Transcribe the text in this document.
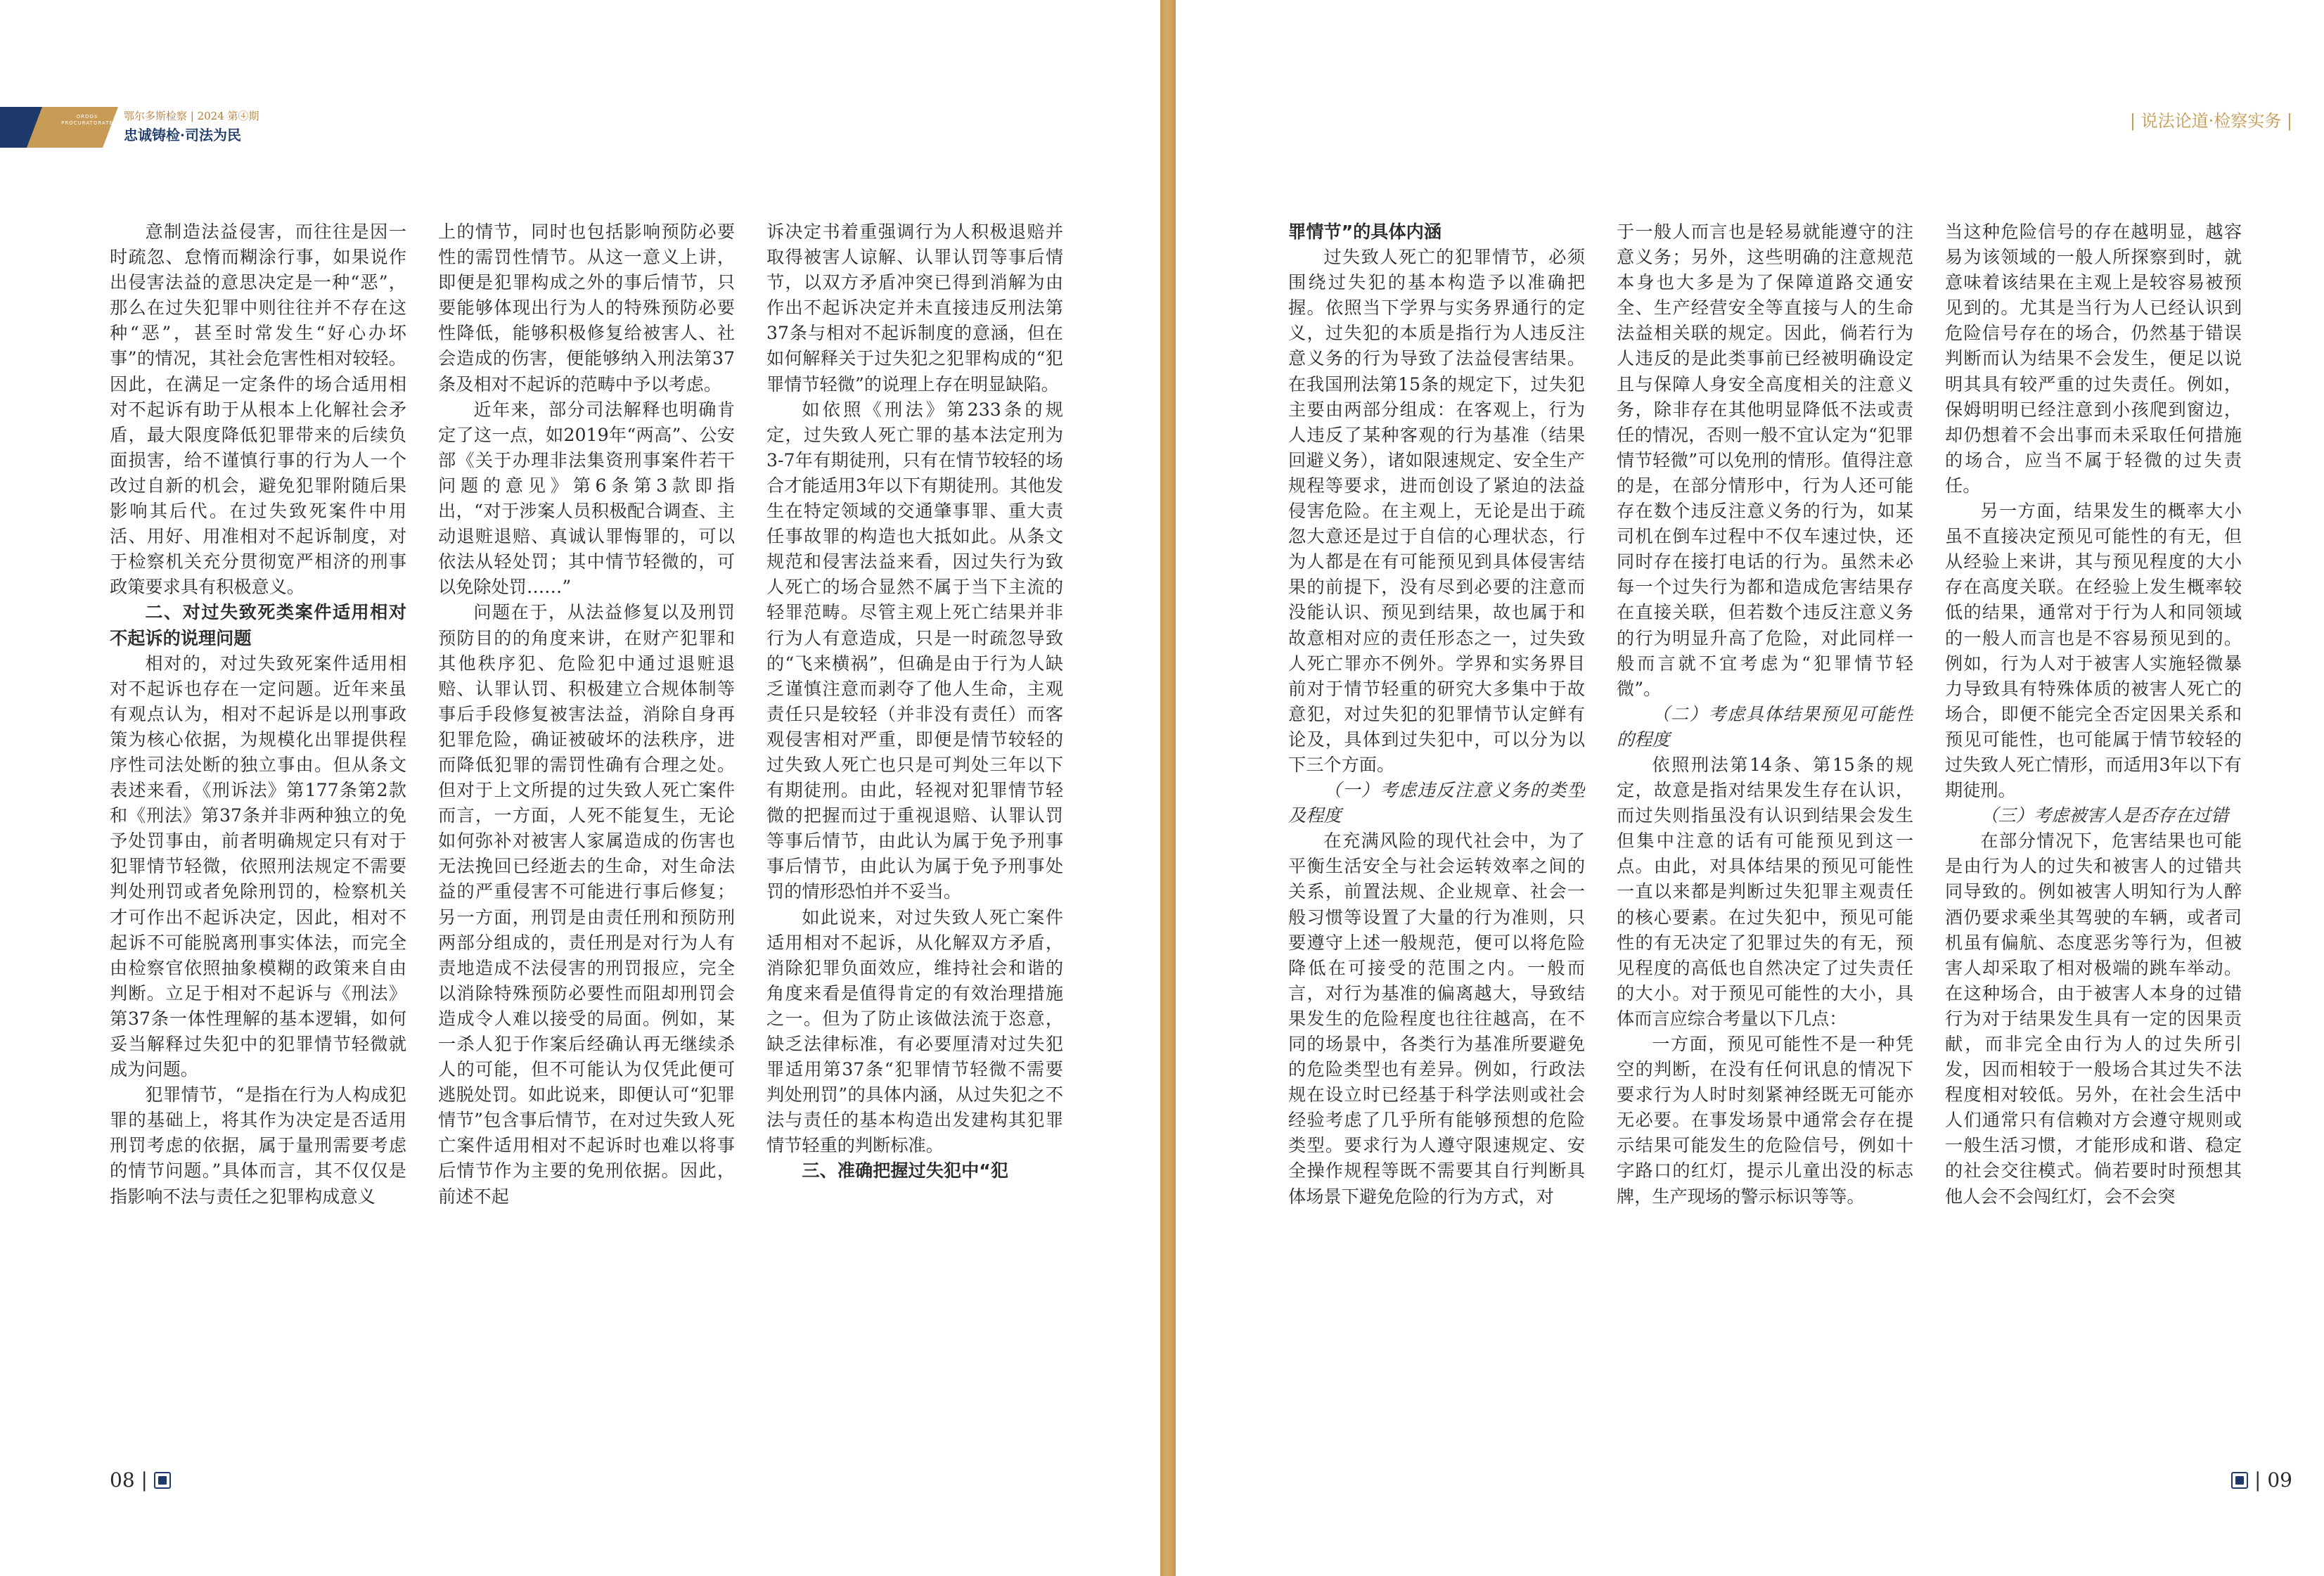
ORDOS
PROCURATORATE
鄂尔多斯检察 | 2024 第④期
忠诚铸检·司法为民

意制造法益侵害，而往往是因一时疏忽、怠惰而糊涂行事，如果说作出侵害法益的意思决定是一种“恶”，那么在过失犯罪中则往往并不存在这种“恶”，甚至时常发生“好心办坏事”的情况，其社会危害性相对较轻。因此，在满足一定条件的场合适用相对不起诉有助于从根本上化解社会矛盾，最大限度降低犯罪带来的后续负面损害，给不谨慎行事的行为人一个改过自新的机会，避免犯罪附随后果影响其后代。在过失致死案件中用活、用好、用准相对不起诉制度，对于检察机关充分贯彻宽严相济的刑事政策要求具有积极意义。

二、对过失致死类案件适用相对不起诉的说理问题

相对的，对过失致死案件适用相对不起诉也存在一定问题。近年来虽有观点认为，相对不起诉是以刑事政策为核心依据，为规模化出罪提供程序性司法处断的独立事由。但从条文表述来看，《刑诉法》第177条第2款和《刑法》第37条并非两种独立的免予处罚事由，前者明确规定只有对于犯罪情节轻微，依照刑法规定不需要判处刑罚或者免除刑罚的，检察机关才可作出不起诉决定，因此，相对不起诉不可能脱离刑事实体法，而完全由检察官依照抽象模糊的政策来自由判断。立足于相对不起诉与《刑法》第37条一体性理解的基本逻辑，如何妥当解释过失犯中的犯罪情节轻微就成为问题。

犯罪情节，“是指在行为人构成犯罪的基础上，将其作为决定是否适用刑罚考虑的依据，属于量刑需要考虑的情节问题。”具体而言，其不仅仅是指影响不法与责任之犯罪构成意义

上的情节，同时也包括影响预防必要性的需罚性情节。从这一意义上讲，即便是犯罪构成之外的事后情节，只要能够体现出行为人的特殊预防必要性降低，能够积极修复给被害人、社会造成的伤害，便能够纳入刑法第37条及相对不起诉的范畴中予以考虑。

近年来，部分司法解释也明确肯定了这一点，如2019年“两高”、公安部《关于办理非法集资刑事案件若干问题的意见》第6条第3款即指出，“对于涉案人员积极配合调查、主动退赃退赔、真诚认罪悔罪的，可以依法从轻处罚；其中情节轻微的，可以免除处罚……”

问题在于，从法益修复以及刑罚预防目的的角度来讲，在财产犯罪和其他秩序犯、危险犯中通过退赃退赔、认罪认罚、积极建立合规体制等事后手段修复被害法益，消除自身再犯罪危险，确证被破坏的法秩序，进而降低犯罪的需罚性确有合理之处。但对于上文所提的过失致人死亡案件而言，一方面，人死不能复生，无论如何弥补对被害人家属造成的伤害也无法挽回已经逝去的生命，对生命法益的严重侵害不可能进行事后修复；另一方面，刑罚是由责任刑和预防刑两部分组成的，责任刑是对行为人有责地造成不法侵害的刑罚报应，完全以消除特殊预防必要性而阻却刑罚会造成令人难以接受的局面。例如，某一杀人犯于作案后经确认再无继续杀人的可能，但不可能认为仅凭此便可逃脱处罚。如此说来，即便认可“犯罪情节”包含事后情节，在对过失致人死亡案件适用相对不起诉时也难以将事后情节作为主要的免刑依据。因此，前述不起

诉决定书着重强调行为人积极退赔并取得被害人谅解、认罪认罚等事后情节，以双方矛盾冲突已得到消解为由作出不起诉决定并未直接违反刑法第37条与相对不起诉制度的意涵，但在如何解释关于过失犯之犯罪构成的“犯罪情节轻微”的说理上存在明显缺陷。

如依照《刑法》第233条的规定，过失致人死亡罪的基本法定刑为3-7年有期徒刑，只有在情节较轻的场合才能适用3年以下有期徒刑。其他发生在特定领域的交通肇事罪、重大责任事故罪的构造也大抵如此。从条文规范和侵害法益来看，因过失行为致人死亡的场合显然不属于当下主流的轻罪范畴。尽管主观上死亡结果并非行为人有意造成，只是一时疏忽导致的“飞来横祸”，但确是由于行为人缺乏谨慎注意而剥夺了他人生命，主观责任只是较轻（并非没有责任）而客观侵害相对严重，即便是情节较轻的过失致人死亡也只是可判处三年以下有期徒刑。由此，轻视对犯罪情节轻微的把握而过于重视退赔、认罪认罚等事后情节，由此认为属于免予刑事事后情节，由此认为属于免予刑事处罚的情形恐怕并不妥当。

如此说来，对过失致人死亡案件适用相对不起诉，从化解双方矛盾，消除犯罪负面效应，维持社会和谐的角度来看是值得肯定的有效治理措施之一。但为了防止该做法流于恣意，缺乏法律标准，有必要厘清对过失犯罪适用第37条“犯罪情节轻微不需要判处刑罚”的具体内涵，从过失犯之不法与责任的基本构造出发建构其犯罪情节轻重的判断标准。

三、准确把握过失犯中“犯

08 |
| 说法论道·检察实务 |

罪情节”的具体内涵

过失致人死亡的犯罪情节，必须围绕过失犯的基本构造予以准确把握。依照当下学界与实务界通行的定义，过失犯的本质是指行为人违反注意义务的行为导致了法益侵害结果。在我国刑法第15条的规定下，过失犯主要由两部分组成：在客观上，行为人违反了某种客观的行为基准（结果回避义务），诸如限速规定、安全生产规程等要求，进而创设了紧迫的法益侵害危险。在主观上，无论是出于疏忽大意还是过于自信的心理状态，行为人都是在有可能预见到具体侵害结果的前提下，没有尽到必要的注意而没能认识、预见到结果，故也属于和故意相对应的责任形态之一，过失致人死亡罪亦不例外。学界和实务界目前对于情节轻重的研究大多集中于故意犯，对过失犯的犯罪情节认定鲜有论及，具体到过失犯中，可以分为以下三个方面。

（一）考虑违反注意义务的类型及程度

在充满风险的现代社会中，为了平衡生活安全与社会运转效率之间的关系，前置法规、企业规章、社会一般习惯等设置了大量的行为准则，只要遵守上述一般规范，便可以将危险降低在可接受的范围之内。一般而言，对行为基准的偏离越大，导致结果发生的危险程度也往往越高，在不同的场景中，各类行为基准所要避免的危险类型也有差异。例如，行政法规在设立时已经基于科学法则或社会经验考虑了几乎所有能够预想的危险类型。要求行为人遵守限速规定、安全操作规程等既不需要其自行判断具体场景下避免危险的行为方式，对

于一般人而言也是轻易就能遵守的注意义务；另外，这些明确的注意规范本身也大多是为了保障道路交通安全、生产经营安全等直接与人的生命法益相关联的规定。因此，倘若行为人违反的是此类事前已经被明确设定且与保障人身安全高度相关的注意义务，除非存在其他明显降低不法或责任的情况，否则一般不宜认定为“犯罪情节轻微”可以免刑的情形。值得注意的是，在部分情形中，行为人还可能存在数个违反注意义务的行为，如某司机在倒车过程中不仅车速过快，还同时存在接打电话的行为。虽然未必每一个过失行为都和造成危害结果存在直接关联，但若数个违反注意义务的行为明显升高了危险，对此同样一般而言就不宜考虑为“犯罪情节轻微”。

（二）考虑具体结果预见可能性的程度

依照刑法第14条、第15条的规定，故意是指对结果发生存在认识，而过失则指虽没有认识到结果会发生但集中注意的话有可能预见到这一点。由此，对具体结果的预见可能性一直以来都是判断过失犯罪主观责任的核心要素。在过失犯中，预见可能性的有无决定了犯罪过失的有无，预见程度的高低也自然决定了过失责任的大小。对于预见可能性的大小，具体而言应综合考量以下几点：

一方面，预见可能性不是一种凭空的判断，在没有任何讯息的情况下要求行为人时时刻紧神经既无可能亦无必要。在事发场景中通常会存在提示结果可能发生的危险信号，例如十字路口的红灯，提示儿童出没的标志牌，生产现场的警示标识等等。

当这种危险信号的存在越明显，越容易为该领域的一般人所探察到时，就意味着该结果在主观上是较容易被预见到的。尤其是当行为人已经认识到危险信号存在的场合，仍然基于错误判断而认为结果不会发生，便足以说明其具有较严重的过失责任。例如，保姆明明已经注意到小孩爬到窗边，却仍想着不会出事而未采取任何措施的场合，应当不属于轻微的过失责任。

另一方面，结果发生的概率大小虽不直接决定预见可能性的有无，但从经验上来讲，其与预见程度的大小存在高度关联。在经验上发生概率较低的结果，通常对于行为人和同领域的一般人而言也是不容易预见到的。例如，行为人对于被害人实施轻微暴力导致具有特殊体质的被害人死亡的场合，即便不能完全否定因果关系和预见可能性，也可能属于情节较轻的过失致人死亡情形，而适用3年以下有期徒刑。

（三）考虑被害人是否存在过错

在部分情况下，危害结果也可能是由行为人的过失和被害人的过错共同导致的。例如被害人明知行为人醉酒仍要求乘坐其驾驶的车辆，或者司机虽有偏航、态度恶劣等行为，但被害人却采取了相对极端的跳车举动。在这种场合，由于被害人本身的过错行为对于结果发生具有一定的因果贡献，而非完全由行为人的过失所引发，因而相较于一般场合其过失不法程度相对较低。另外，在社会生活中人们通常只有信赖对方会遵守规则或一般生活习惯，才能形成和谐、稳定的社会交往模式。倘若要时时预想其他人会不会闯红灯，会不会突

| 09
